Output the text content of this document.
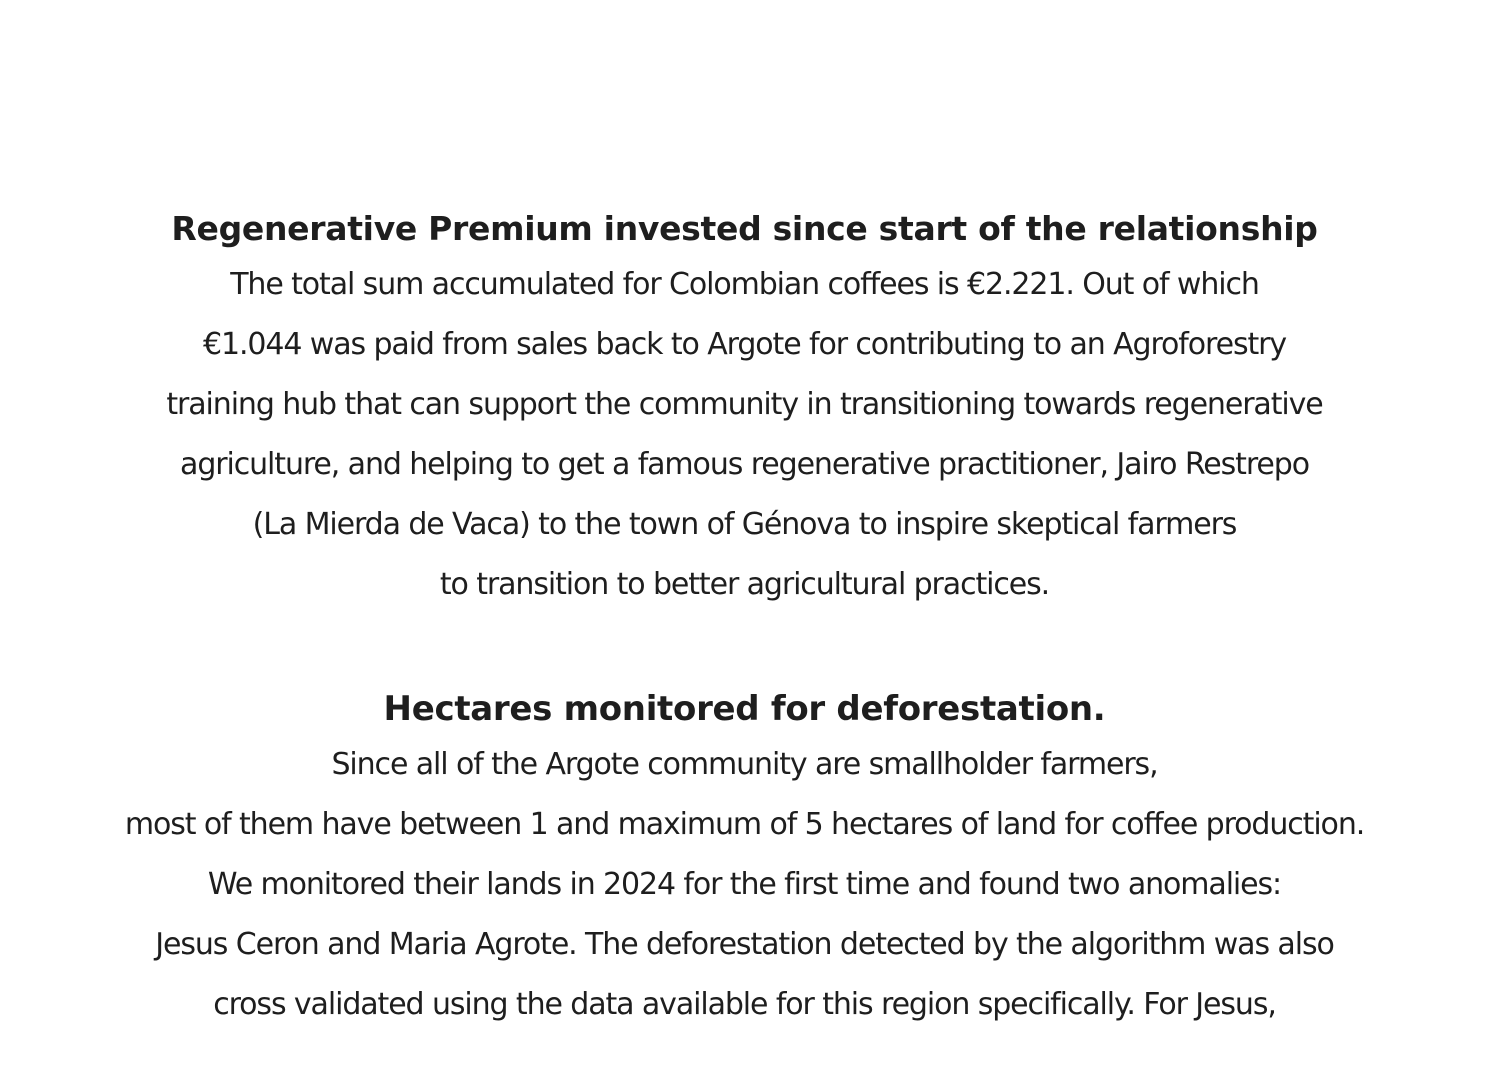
Regenerative Premium invested since start of the relationship
The total sum accumulated for Colombian coffees is €2.221. Out of which
€1.044 was paid from sales back to Argote for contributing to an Agroforestry
training hub that can support the community in transitioning towards regenerative
agriculture, and helping to get a famous regenerative practitioner, Jairo Restrepo
(La Mierda de Vaca) to the town of Génova to inspire skeptical farmers
to transition to better agricultural practices.
Hectares monitored for deforestation.
Since all of the Argote community are smallholder farmers,
most of them have between 1 and maximum of 5 hectares of land for coffee production.
We monitored their lands in 2024 for the first time and found two anomalies:
Jesus Ceron and Maria Agrote. The deforestation detected by the algorithm was also
cross validated using the data available for this region specifically. For Jesus,
